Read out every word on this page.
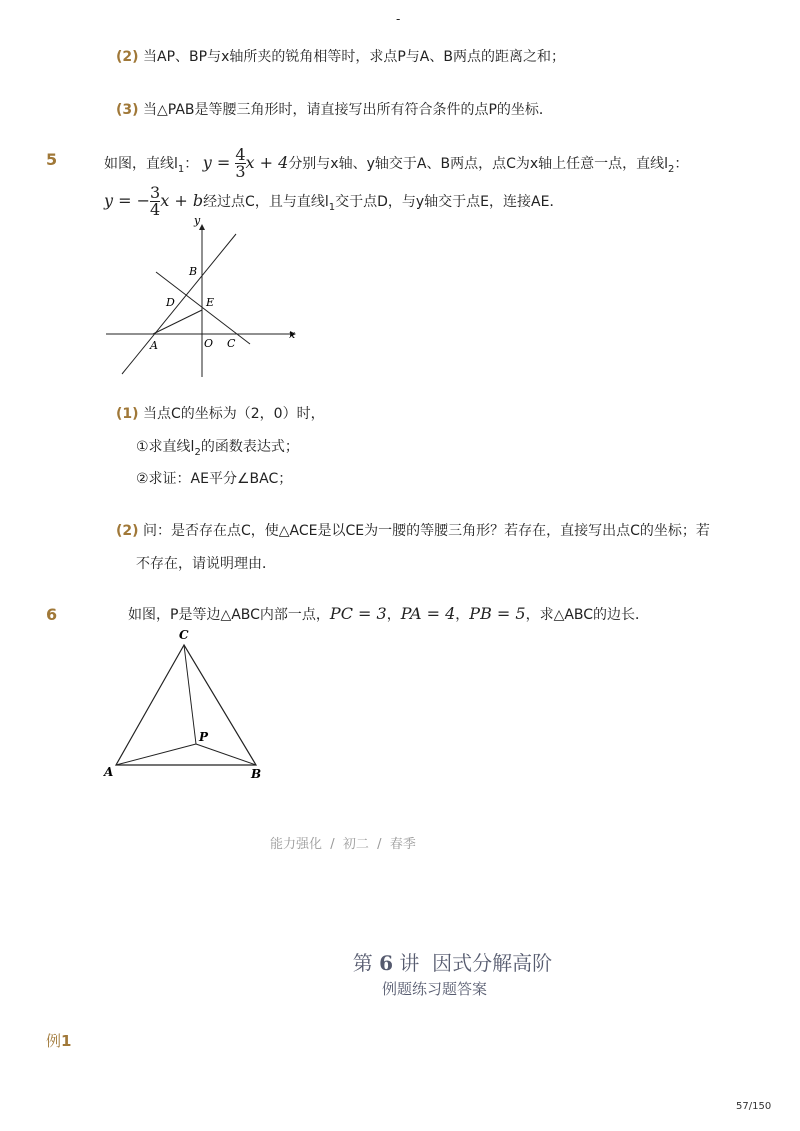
-
(2) 当AP、BP与x轴所夹的锐角相等时，求点P与A、B两点的距离之和；
(3) 当△PAB是等腰三角形时，请直接写出所有符合条件的点P的坐标．
5	如图，直线$l_1$： $y = \frac{4}{3}$ x + 4分别与x轴、y轴交于A、B两点，点C为x轴上任意一点，直线$l_2$：
y = − $\frac{3}{4}$ x + b经过点C，且与直线$l_1$交于点D，与y轴交于点E，连接AE．
y
x
B
D	E
A	O C
(1) 当点C的坐标为（2，0）时，
①求直线$l_2$的函数表达式；
②求证：AE平分∠BAC；
(2) 问：是否存在点C，使△ACE是以CE为一腰的等腰三角形？若存在，直接写出点C的坐标；若
不存在，请说明理由．
6	如图，P是等边△ABC内部一点，PC = 3，PA = 4，PB = 5，求△ABC的边长．
C
P
A	B
能力强化  /  初二  /  春季

第 6 讲  因式分解高阶

例题练习题答案
例1
57/150
